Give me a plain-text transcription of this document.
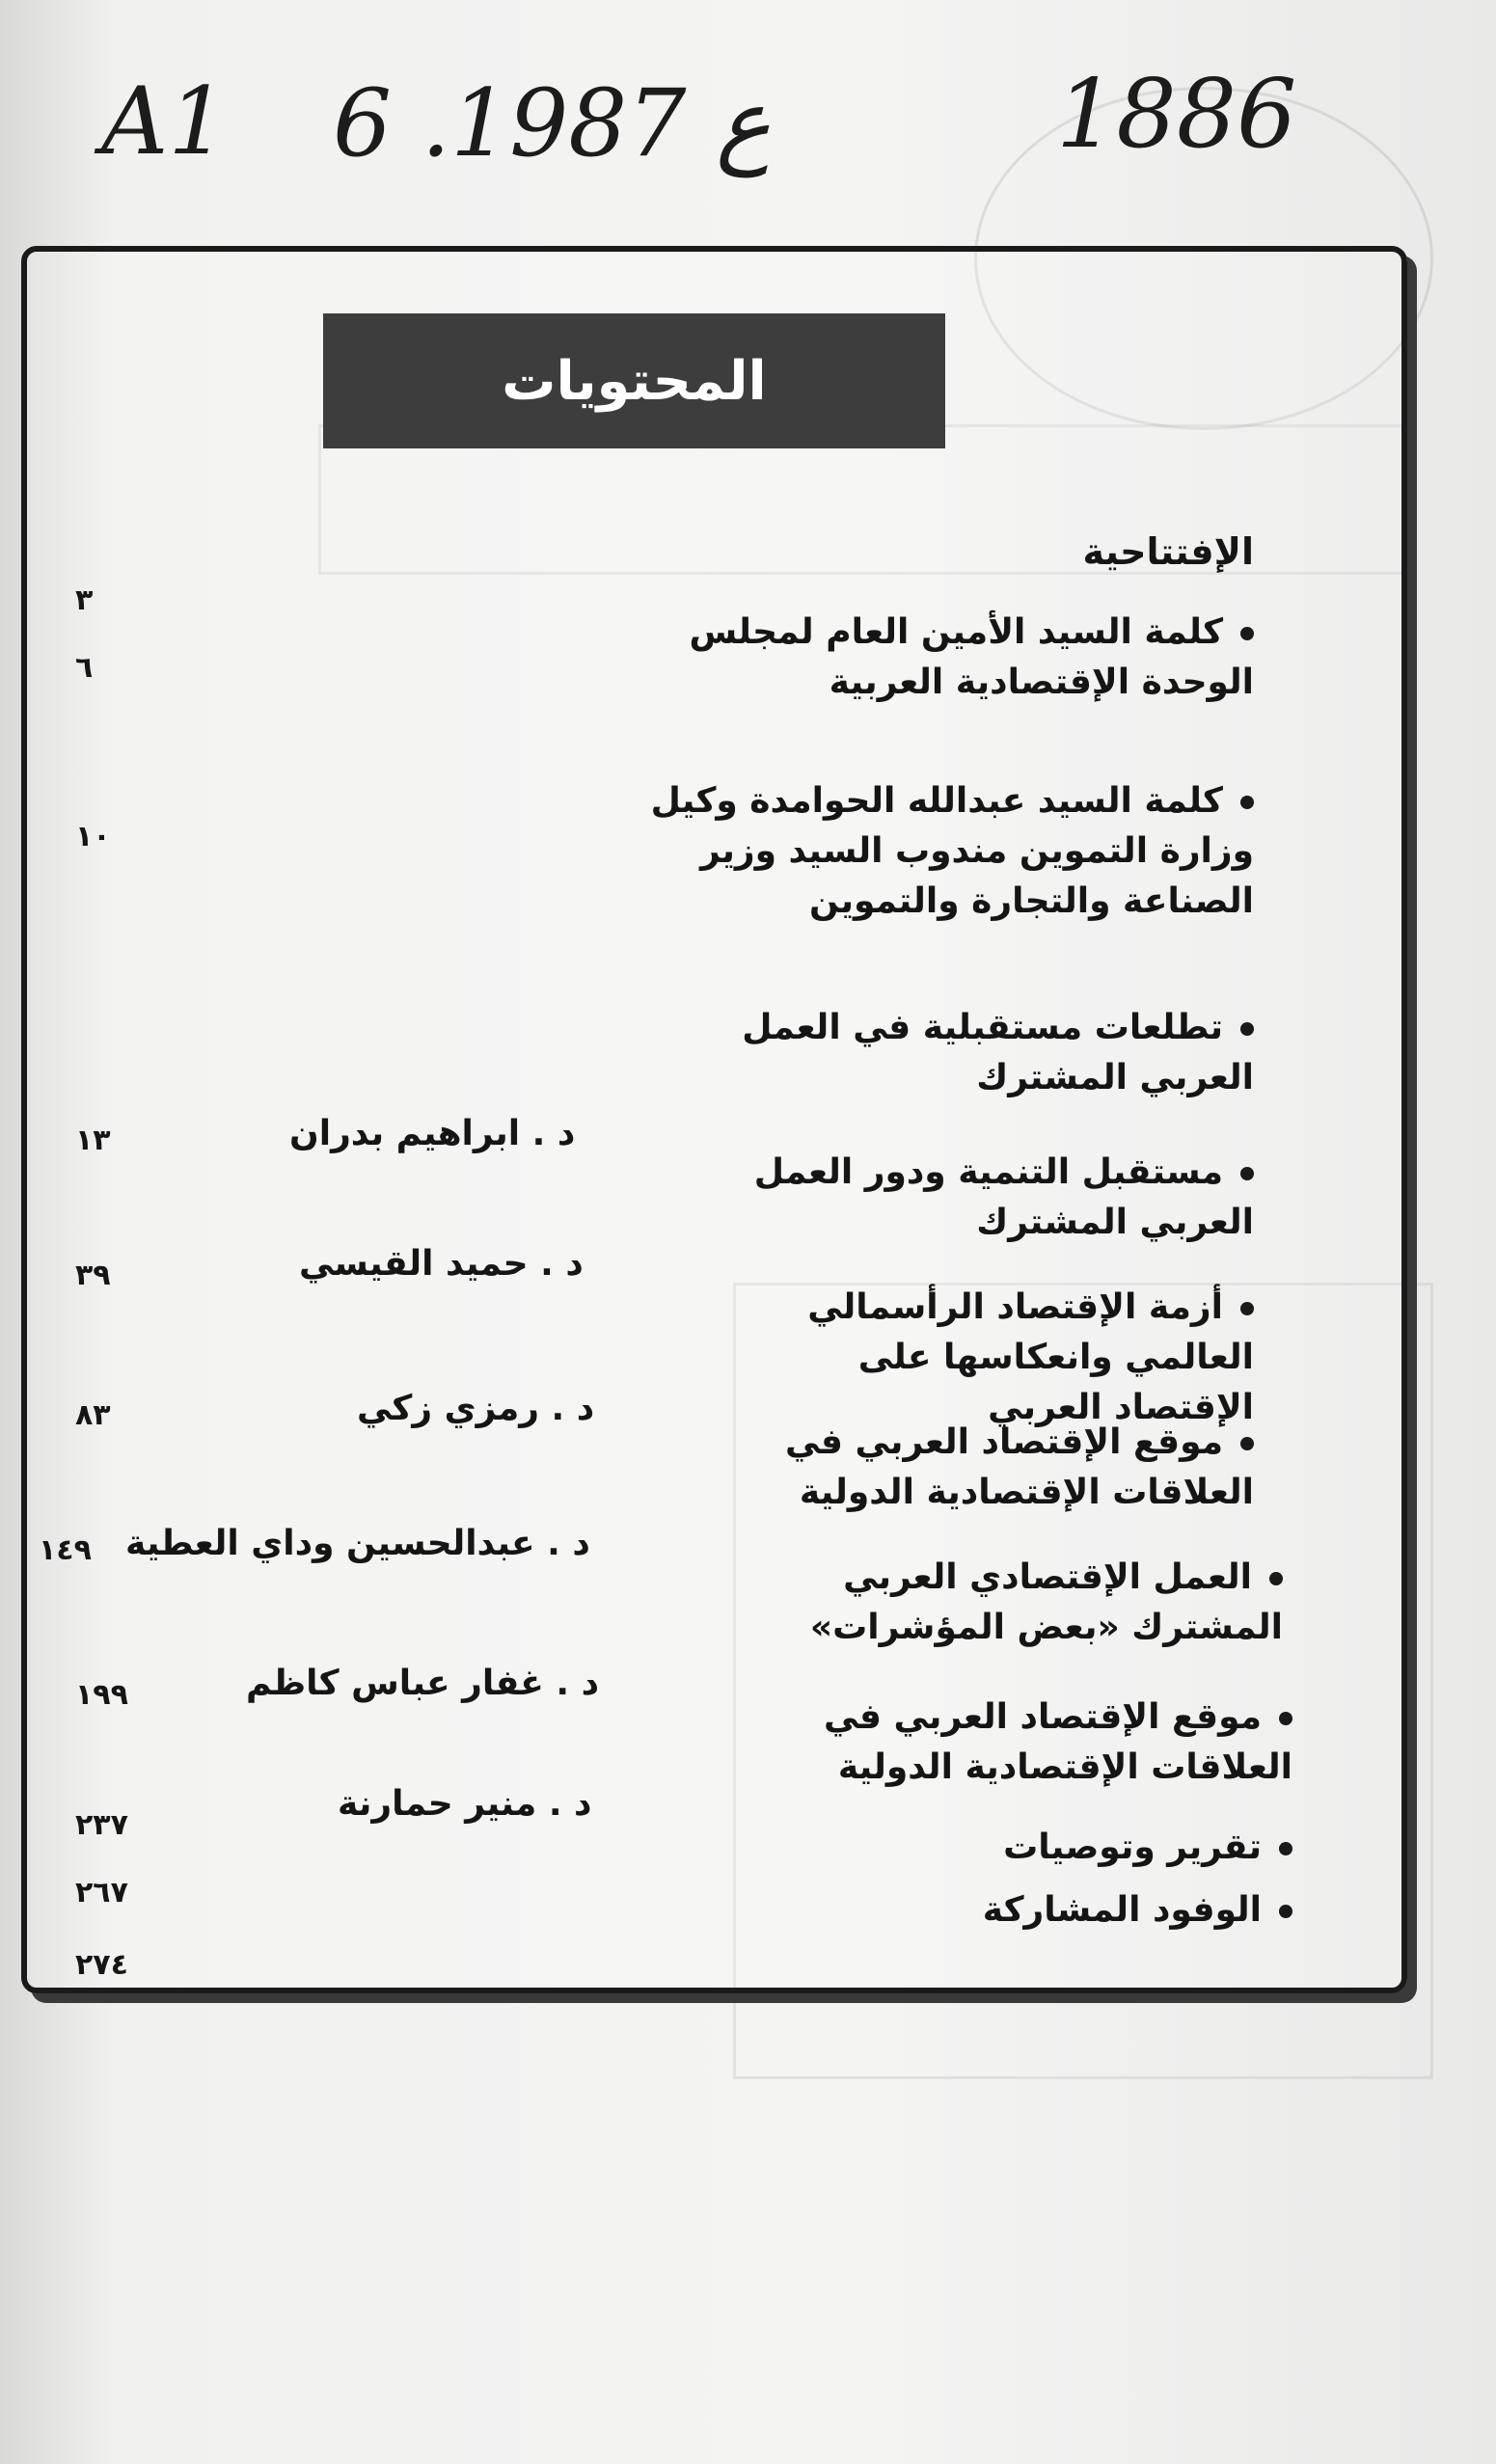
A1 6 .ع 1987	1886
المحتويات
الإفتتاحية
كلمة السيد الأمين العام لمجلس الوحدة الإقتصادية العربية
كلمة السيد عبدالله الحوامدة وكيل وزارة التموين مندوب السيد وزير الصناعة والتجارة والتموين
تطلعات مستقبلية في العمل العربي المشترك
د . ابراهيم بدران
مستقبل التنمية ودور العمل العربي المشترك
د . حميد القيسي
أزمة الإقتصاد الرأسمالي العالمي وانعكاسها على الإقتصاد العربي
د . رمزي زكي
موقع الإقتصاد العربي في العلاقات الإقتصادية الدولية
د . عبدالحسين وداي العطية
العمل الإقتصادي العربي المشترك «بعض المؤشرات»
د . غفار عباس كاظم
موقع الإقتصاد العربي في العلاقات الإقتصادية الدولية
د . منير حمارنة
تقرير وتوصيات
الوفود المشاركة
٣
٦
١٠
١٣
٣٩
٨٣
١٤٩
١٩٩
٢٣٧
٢٦٧
٢٧٤
